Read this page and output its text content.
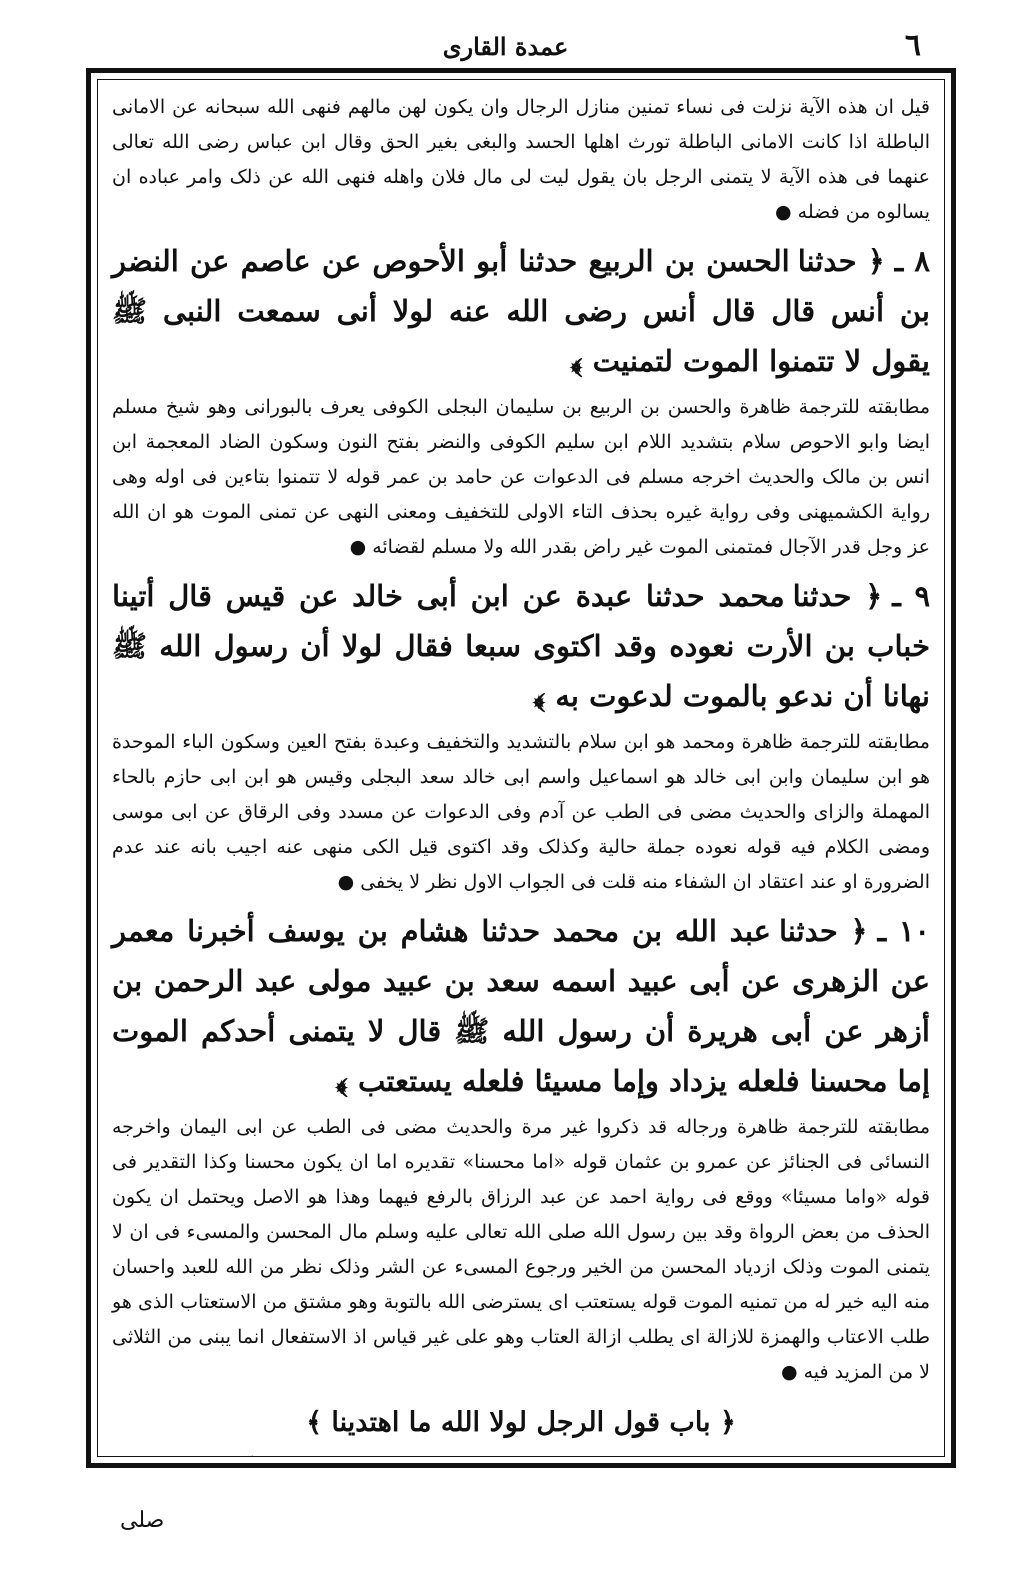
٦
عمدة القاری

قیل ان هذه الآیة نزلت فی نساء تمنین منازل الرجال وان یکون لهن مالهم فنهی الله سبحانه عن الامانی الباطلة اذا کانت الامانی الباطلة تورث اهلها الحسد والبغی بغیر الحق وقال ابن عباس رضی الله تعالی عنهما فی هذه الآیة لا یتمنی الرجل بان یقول لیت لی مال فلان واهله فنهی الله عن ذلک وامر عباده ان یسالوه من فضله ●

٨ ـ﴿ حدثناالحسن بن الربیع حدثنا أبو الأحوص عن عاصم عن النضر بن أنس قال قال أنس رضی الله عنه لولا أنی سمعت النبی ﷺ یقول لا تتمنوا الموت لتمنیت ﴾

مطابقته للترجمة ظاهرة والحسن بن الربیع بن سلیمان البجلی الکوفی یعرف بالبورانی وهو شیخ مسلم ایضا وابو الاحوص سلام بتشدید اللام ابن سلیم الکوفی والنضر بفتح النون وسکون الضاد المعجمة ابن انس بن مالک والحدیث اخرجه مسلم فی الدعوات عن حامد بن عمر قوله لا تتمنوا بتاءین فی اوله وهی روایة الکشمیهنی وفی روایة غیره بحذف التاء الاولی للتخفیف ومعنی النهی عن تمنی الموت هو ان الله عز وجل قدر الآجال فمتمنی الموت غیر راض بقدر الله ولا مسلم لقضائه ●

٩ ـ﴿ حدثنامحمد حدثنا عبدة عن ابن أبی خالد عن قیس قال أتینا خباب بن الأرت نعوده وقد اکتوی سبعا فقال لولا أن رسول الله ﷺ نهانا أن ندعو بالموت لدعوت به ﴾

مطابقته للترجمة ظاهرة ومحمد هو ابن سلام بالتشدید والتخفیف وعبدة بفتح العین وسکون الباء الموحدة هو ابن سلیمان وابن ابی خالد هو اسماعیل واسم ابی خالد سعد البجلی وقیس هو ابن ابی حازم بالحاء المهملة والزای والحدیث مضی فی الطب عن آدم وفی الدعوات عن مسدد وفی الرقاق عن ابی موسی ومضی الکلام فیه قوله نعوده جملة حالیة وکذلک وقد اکتوی قیل الکی منهی عنه اجیب بانه عند عدم الضرورة او عند اعتقاد ان الشفاء منه قلت فی الجواب الاول نظر لا یخفی ●

١٠ ـ﴿ حدثناعبد الله بن محمد حدثنا هشام بن یوسف أخبرنا معمر عن الزهری عن أبی عبید اسمه سعد بن عبید مولی عبد الرحمن بن أزهر عن أبی هریرة أن رسول الله ﷺ قال لا یتمنی أحدکم الموت إما محسنا فلعله یزداد وإما مسیئا فلعله یستعتب ﴾

مطابقته للترجمة ظاهرة ورجاله قد ذکروا غیر مرة والحدیث مضی فی الطب عن ابی الیمان واخرجه النسائی فی الجنائز عن عمرو بن عثمان قوله «اما محسنا» تقدیره اما ان یکون محسنا وکذا التقدیر فی قوله «واما مسیئا» ووقع فی روایة احمد عن عبد الرزاق بالرفع فیهما وهذا هو الاصل ویحتمل ان یکون الحذف من بعض الرواة وقد بین رسول الله صلی الله تعالی علیه وسلم مال المحسن والمسیء فی ان لا یتمنی الموت وذلک ازدیاد المحسن من الخیر ورجوع المسیء عن الشر وذلک نظر من الله للعبد واحسان منه الیه خیر له من تمنیه الموت قوله یستعتب ای یسترضی الله بالتوبة وهو مشتق من الاستعتاب الذی هو طلب الاعتاب والهمزة للازالة ای یطلب ازالة العتاب وهو علی غیر قیاس اذ الاستفعال انما یبنی من الثلاثی لا من المزید فیه ●

﴿ باب قول الرجل لولا الله ما اهتدینا ﴾

صلی
